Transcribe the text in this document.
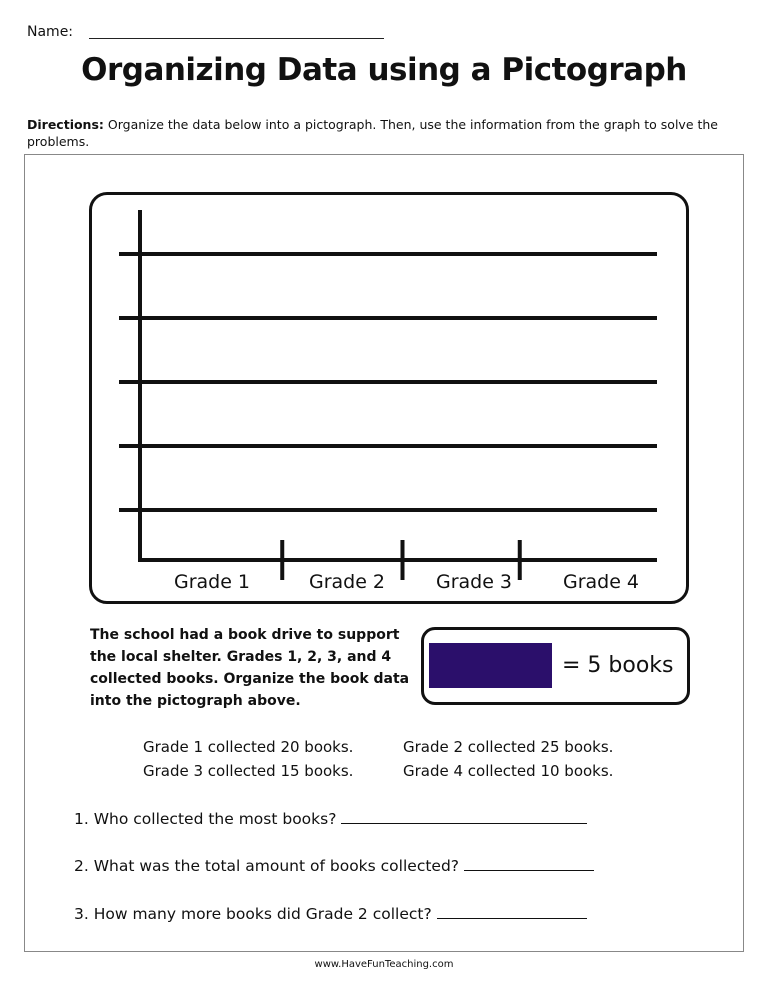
Name:
Organizing Data using a Pictograph
Directions: Organize the data below into a pictograph. Then, use the information from the graph to solve the problems.
Grade 1	Grade 2	Grade 3	Grade 4
The school had a book drive to support
the local shelter. Grades 1, 2, 3, and 4
collected books. Organize the book data
into the pictograph above.
= 5 books
Grade 1 collected 20 books.	Grade 2 collected 25 books.
Grade 3 collected 15 books.	Grade 4 collected 10 books.
1. Who collected the most books?
2. What was the total amount of books collected?
3. How many more books did Grade 2 collect?
www.HaveFunTeaching.com
